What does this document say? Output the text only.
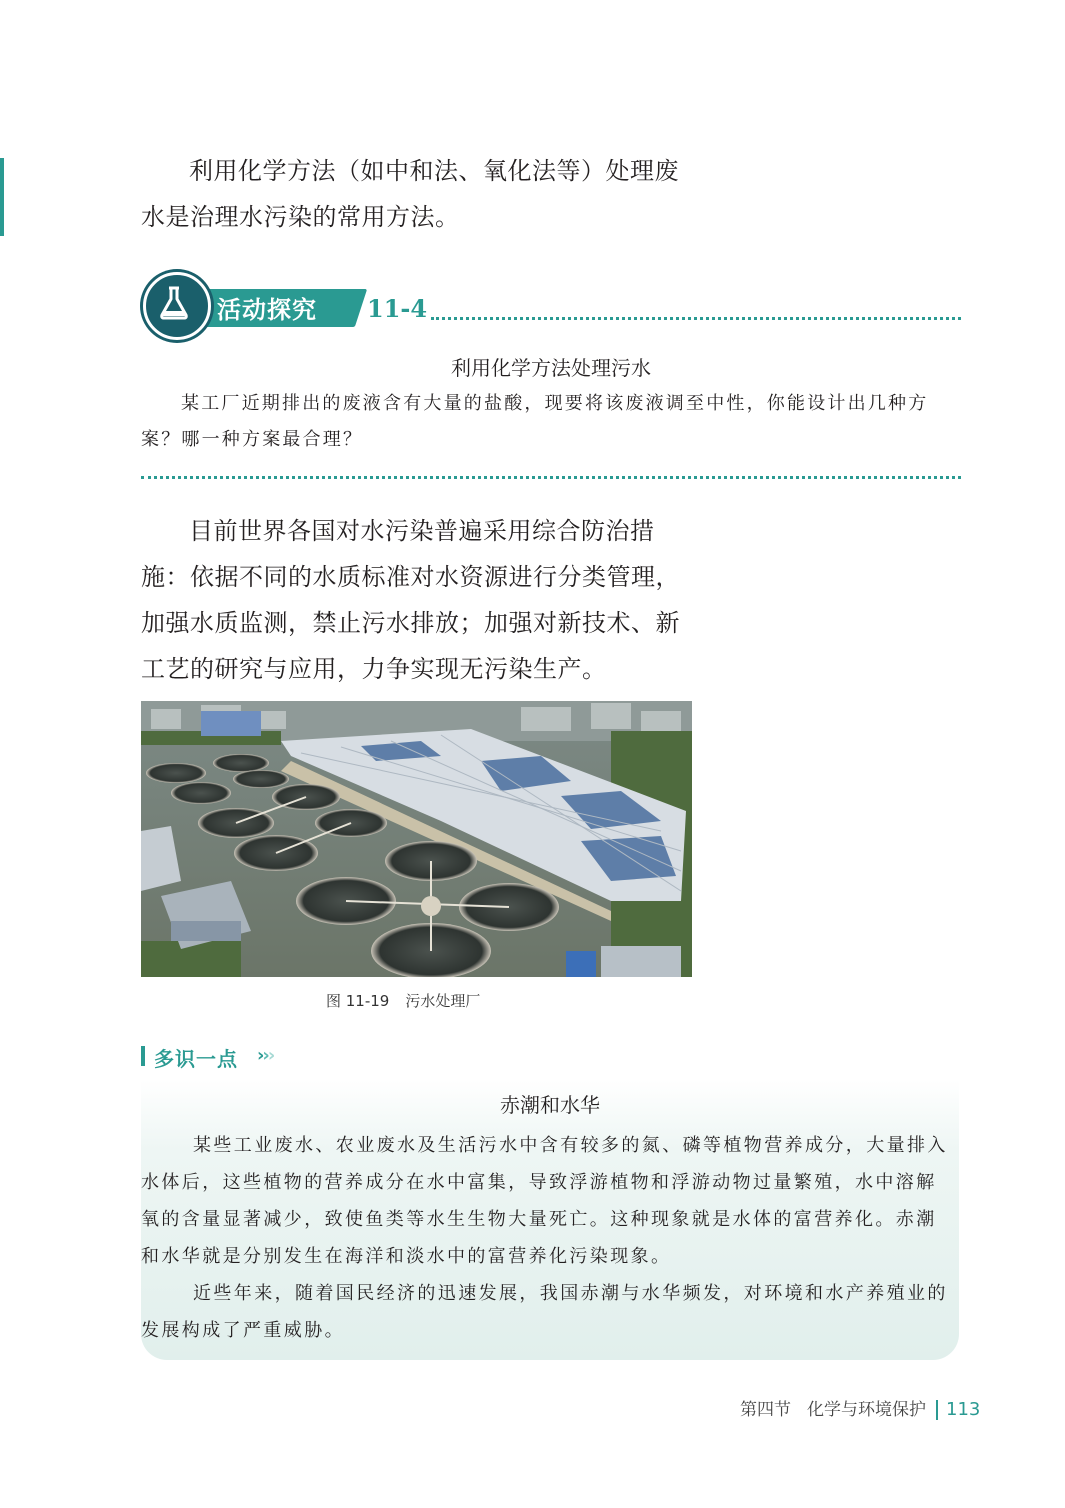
利用化学方法（如中和法、氧化法等）处理废水是治理水污染的常用方法。

活动探究 11-4
利用化学方法处理污水

某工厂近期排出的废液含有大量的盐酸，现要将该废液调至中性，你能设计出几种方案？哪一种方案最合理？

目前世界各国对水污染普遍采用综合防治措施：依据不同的水质标准对水资源进行分类管理，加强水质监测，禁止污水排放；加强对新技术、新工艺的研究与应用，力争实现无污染生产。

图 11-19 污水处理厂
多识一点 ›››
赤潮和水华

某些工业废水、农业废水及生活污水中含有较多的氮、磷等植物营养成分，大量排入水体后，这些植物的营养成分在水中富集，导致浮游植物和浮游动物过量繁殖，水中溶解氧的含量显著减少，致使鱼类等水生生物大量死亡。这种现象就是水体的富营养化。赤潮和水华就是分别发生在海洋和淡水中的富营养化污染现象。
近些年来，随着国民经济的迅速发展，我国赤潮与水华频发，对环境和水产养殖业的发展构成了严重威胁。

第四节 化学与环境保护 113
